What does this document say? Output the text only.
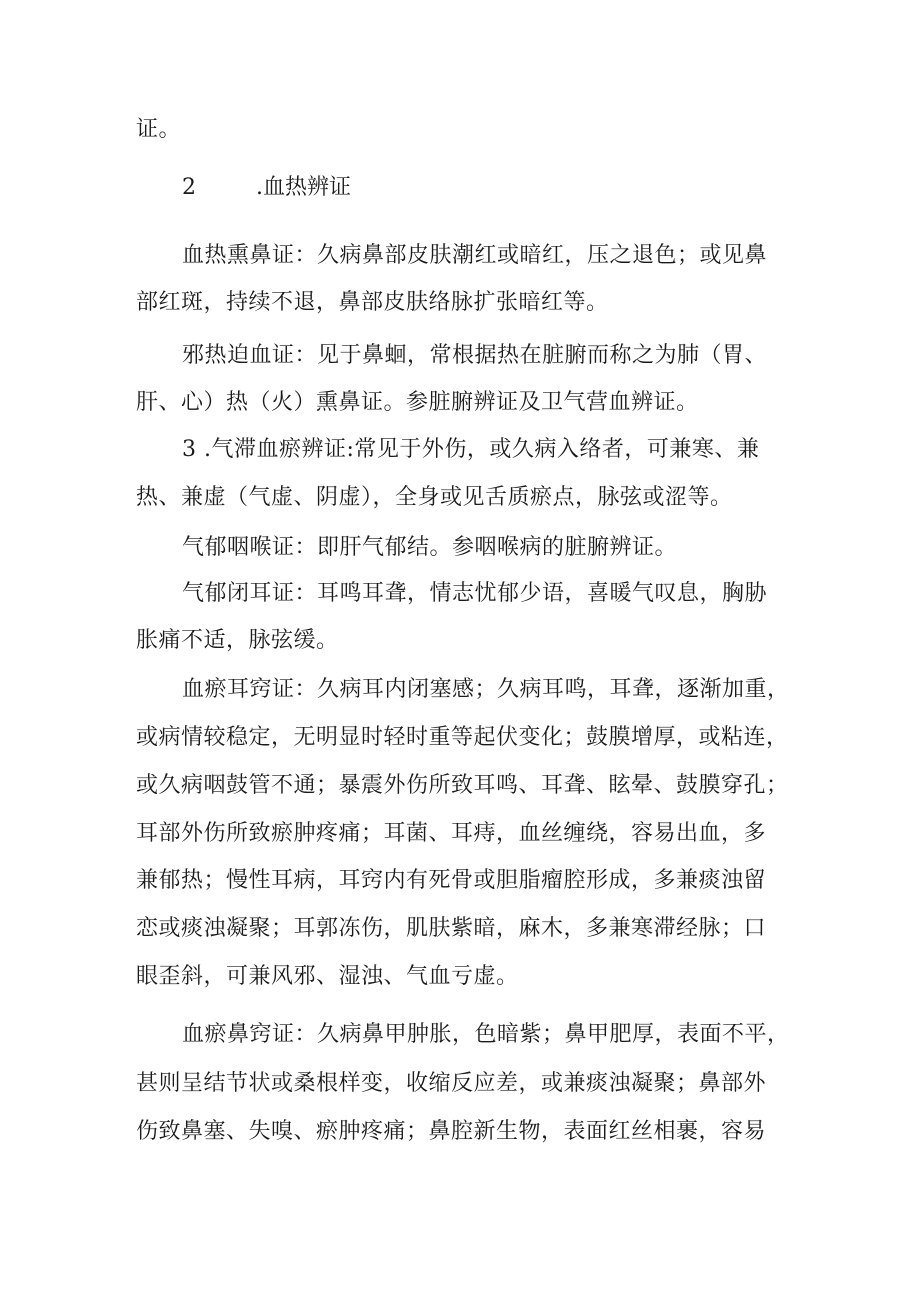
证。
2	.血热辨证
血热熏鼻证：久病鼻部皮肤潮红或暗红，压之退色；或见鼻
部红斑，持续不退，鼻部皮肤络脉扩张暗红等。
邪热迫血证：见于鼻蛔，常根据热在脏腑而称之为肺（胃、
肝、心）热（火）熏鼻证。参脏腑辨证及卫气营血辨证。
3 .气滞血瘀辨证:常见于外伤，或久病入络者，可兼寒、兼
热、兼虚（气虚、阴虚），全身或见舌质瘀点，脉弦或涩等。
气郁咽喉证：即肝气郁结。参咽喉病的脏腑辨证。
气郁闭耳证：耳鸣耳聋，情志忧郁少语，喜暖气叹息，胸胁
胀痛不适，脉弦缓。
血瘀耳窍证：久病耳内闭塞感；久病耳鸣，耳聋，逐渐加重，
或病情较稳定，无明显时轻时重等起伏变化；鼓膜增厚，或粘连，
或久病咽鼓管不通；暴震外伤所致耳鸣、耳聋、眩晕、鼓膜穿孔；
耳部外伤所致瘀肿疼痛；耳菌、耳痔，血丝缠绕，容易出血，多
兼郁热；慢性耳病，耳窍内有死骨或胆脂瘤腔形成，多兼痰浊留
恋或痰浊凝聚；耳郭冻伤，肌肤紫暗，麻木，多兼寒滞经脉；口
眼歪斜，可兼风邪、湿浊、气血亏虚。
血瘀鼻窍证：久病鼻甲肿胀，色暗紫；鼻甲肥厚，表面不平，
甚则呈结节状或桑根样变，收缩反应差，或兼痰浊凝聚；鼻部外
伤致鼻塞、失嗅、瘀肿疼痛；鼻腔新生物，表面红丝相裹，容易
